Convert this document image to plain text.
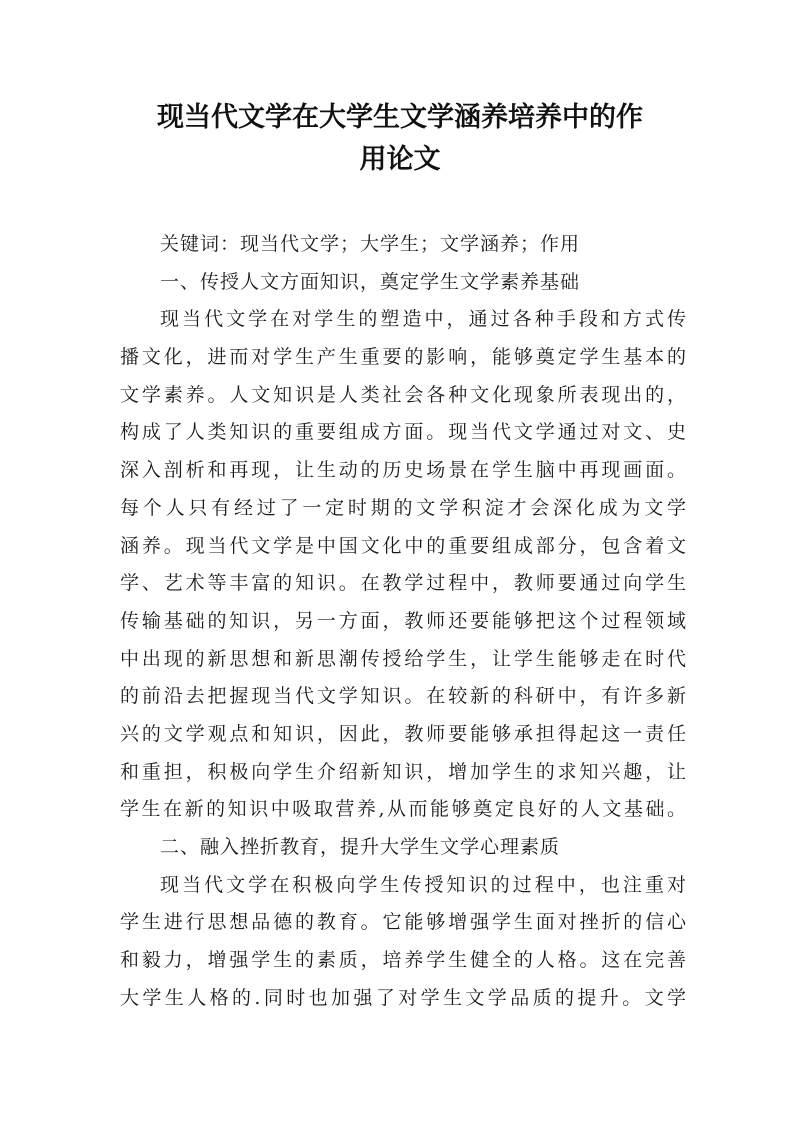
现当代文学在大学生文学涵养培养中的作
用论文
关键词：现当代文学；大学生；文学涵养；作用
一、传授人文方面知识，奠定学生文学素养基础
现当代文学在对学生的塑造中，通过各种手段和方式传
播文化，进而对学生产生重要的影响，能够奠定学生基本的
文学素养。人文知识是人类社会各种文化现象所表现出的，
构成了人类知识的重要组成方面。现当代文学通过对文、史
深入剖析和再现，让生动的历史场景在学生脑中再现画面。
每个人只有经过了一定时期的文学积淀才会深化成为文学
涵养。现当代文学是中国文化中的重要组成部分，包含着文
学、艺术等丰富的知识。在教学过程中，教师要通过向学生
传输基础的知识，另一方面，教师还要能够把这个过程领域
中出现的新思想和新思潮传授给学生，让学生能够走在时代
的前沿去把握现当代文学知识。在较新的科研中，有许多新
兴的文学观点和知识，因此，教师要能够承担得起这一责任
和重担，积极向学生介绍新知识，增加学生的求知兴趣，让
学生在新的知识中吸取营养,从而能够奠定良好的人文基础。
二、融入挫折教育，提升大学生文学心理素质
现当代文学在积极向学生传授知识的过程中，也注重对
学生进行思想品德的教育。它能够增强学生面对挫折的信心
和毅力，增强学生的素质，培养学生健全的人格。这在完善
大学生人格的.同时也加强了对学生文学品质的提升。文学
